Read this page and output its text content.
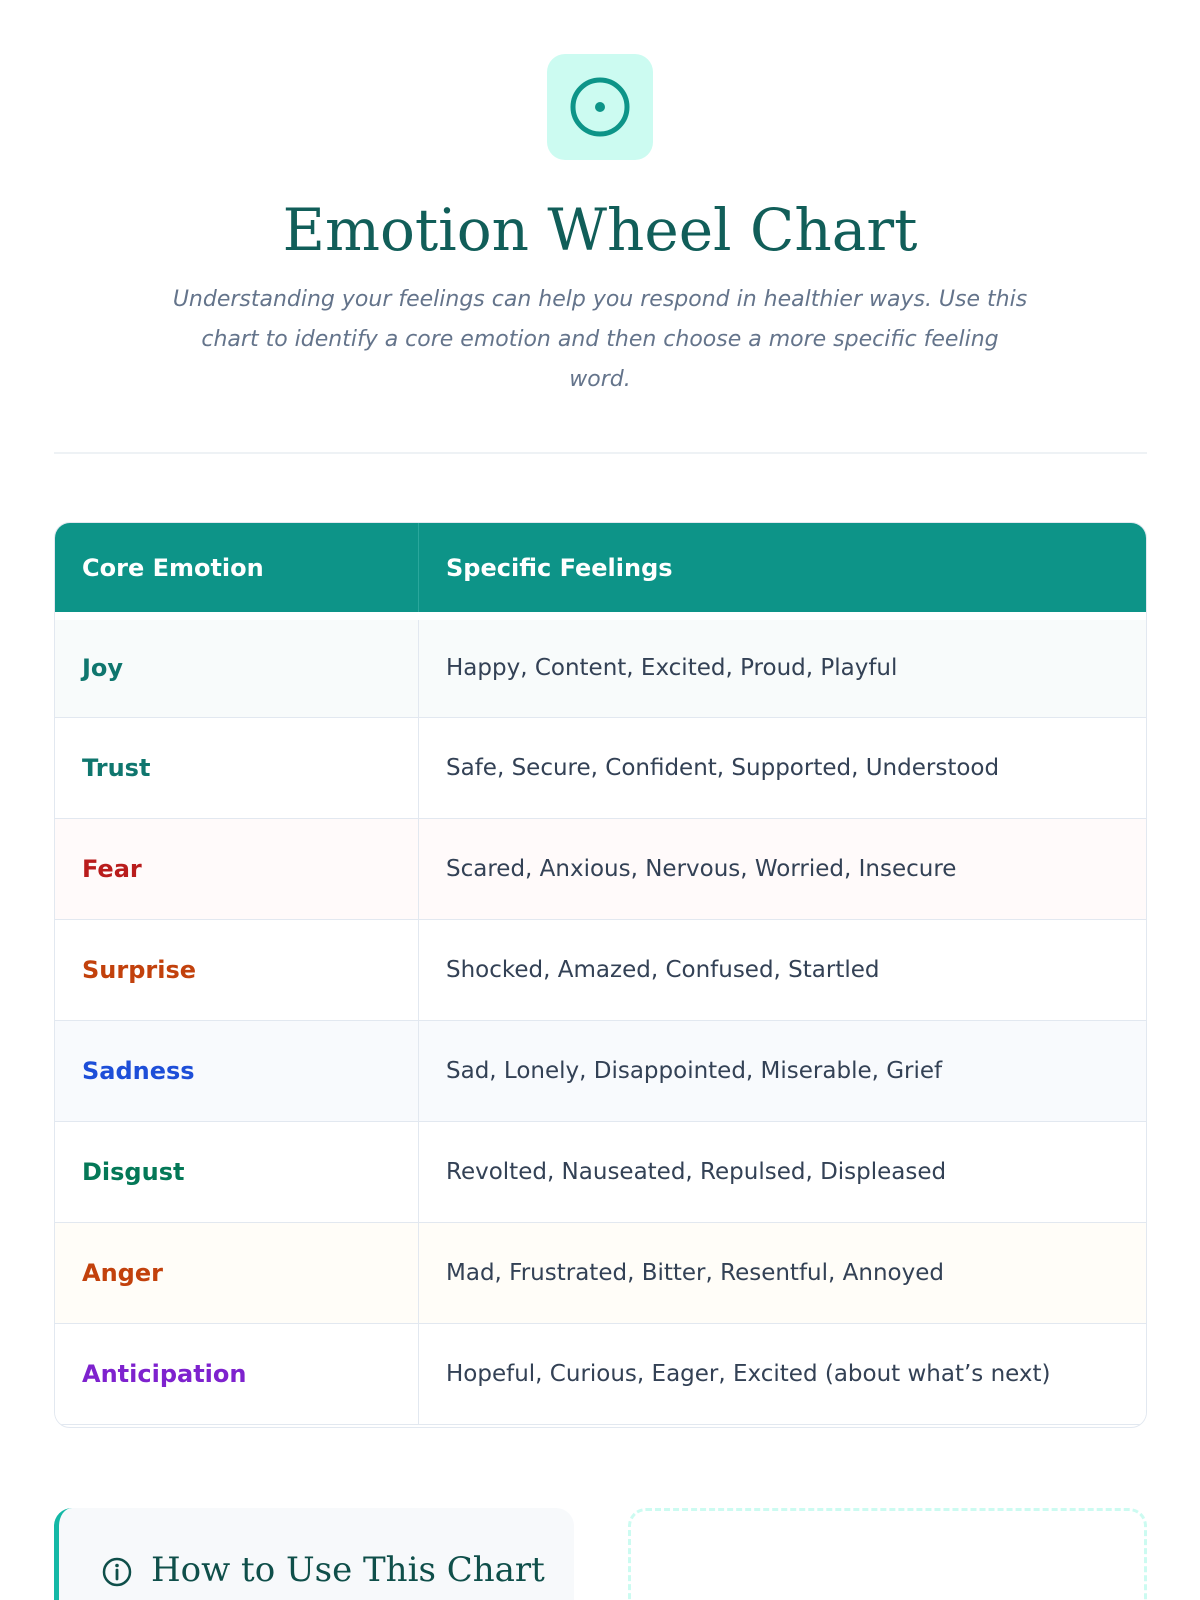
Emotion Wheel Chart

Understanding your feelings can help you respond in healthier ways. Use this chart to identify a core emotion and then choose a more specific feeling word.

Core Emotion	Specific Feelings
Joy	Happy, Content, Excited, Proud, Playful
Trust	Safe, Secure, Confident, Supported, Understood
Fear	Scared, Anxious, Nervous, Worried, Insecure
Surprise	Shocked, Amazed, Confused, Startled
Sadness	Sad, Lonely, Disappointed, Miserable, Grief
Disgust	Revolted, Nauseated, Repulsed, Displeased
Anger	Mad, Frustrated, Bitter, Resentful, Annoyed
Anticipation	Hopeful, Curious, Eager, Excited (about what’s next)
How to Use This Chart
